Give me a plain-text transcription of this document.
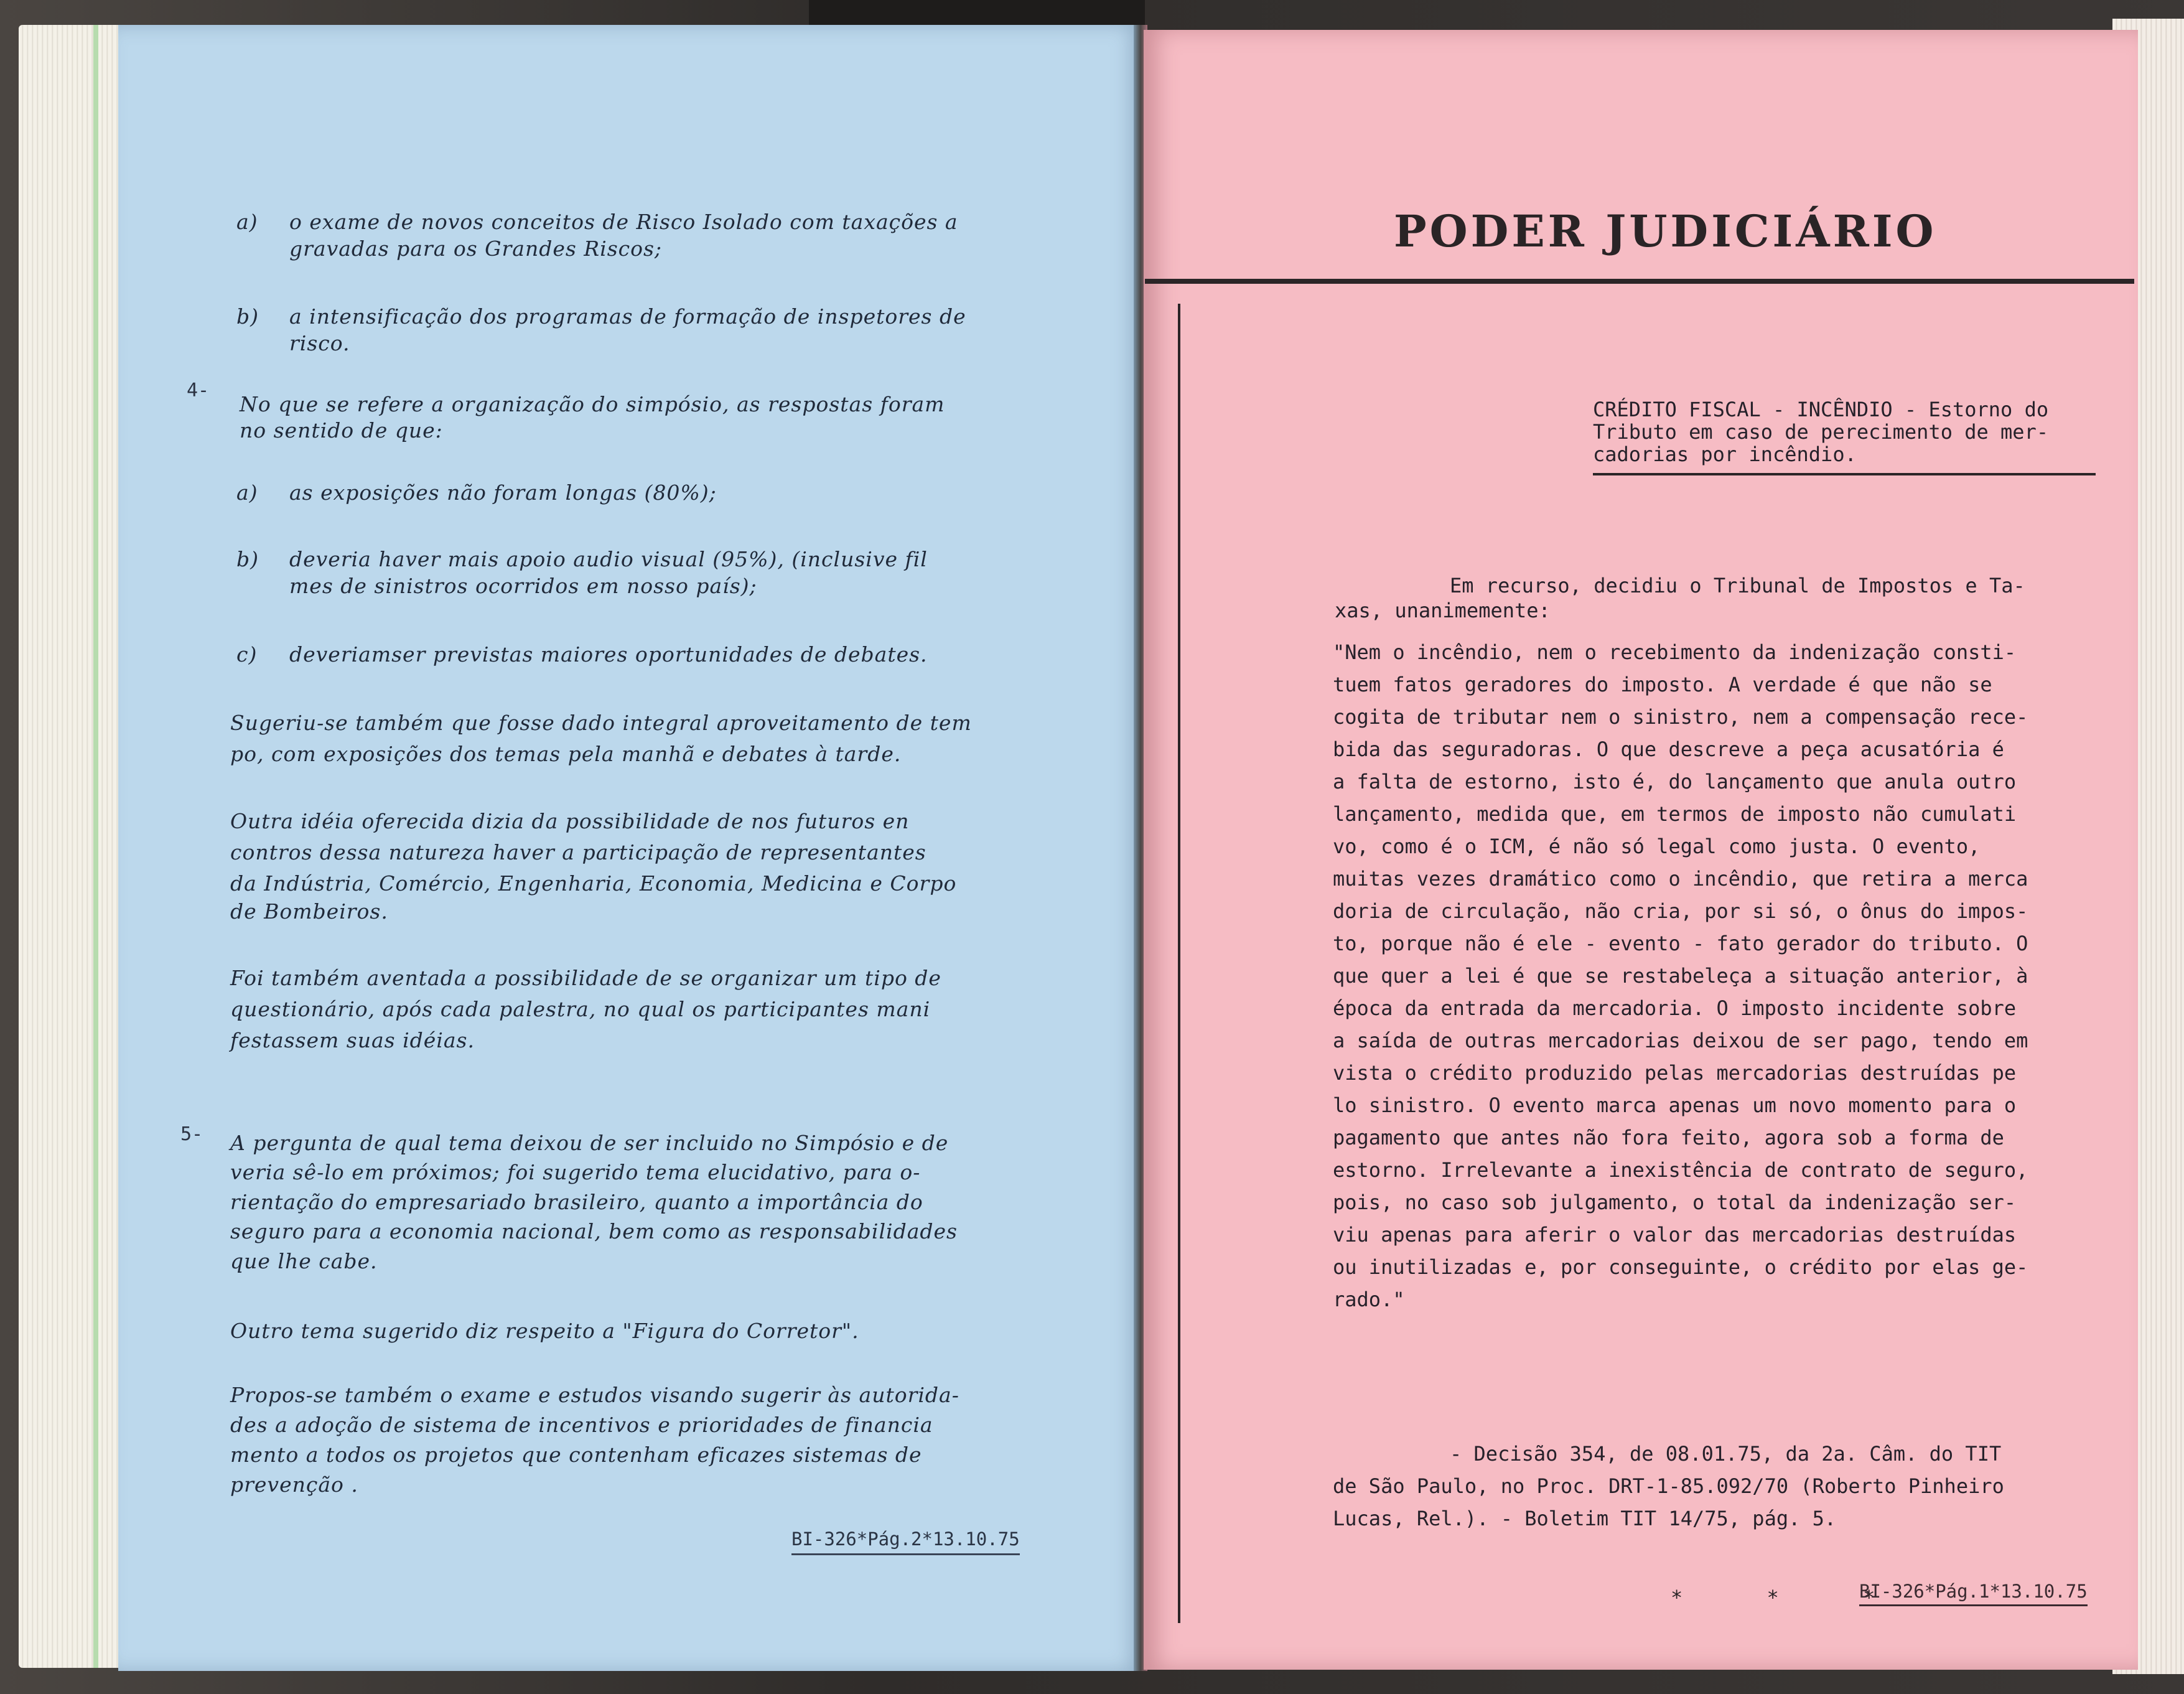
a) o exame de novos conceitos de Risco Isolado com taxações a
gravadas para os Grandes Riscos;
b) a intensificação dos programas de formação de inspetores de
risco.
4-
No que se refere a organização do simpósio, as respostas foram
no sentido de que:
a) as exposições não foram longas (80%);
b) deveria haver mais apoio audio visual (95%), (inclusive fil
mes de sinistros ocorridos em nosso país);
c) deveriamser previstas maiores oportunidades de debates.
Sugeriu-se também que fosse dado integral aproveitamento de tem
po, com exposições dos temas pela manhã e debates à tarde.
Outra idéia oferecida dizia da possibilidade de nos futuros en
contros dessa natureza haver a participação de representantes
da Indústria, Comércio, Engenharia, Economia, Medicina e Corpo
de Bombeiros.
Foi também aventada a possibilidade de se organizar um tipo de
questionário, após cada palestra, no qual os participantes mani
festassem suas idéias.
5- A pergunta de qual tema deixou de ser incluido no Simpósio e de
veria sê-lo em próximos; foi sugerido tema elucidativo, para o-
rientação do empresariado brasileiro, quanto a importância do
seguro para a economia nacional, bem como as responsabilidades
que lhe cabe.
Outro tema sugerido diz respeito a "Figura do Corretor".
Propos-se também o exame e estudos visando sugerir às autorida-
des a adoção de sistema de incentivos e prioridades de financia
mento a todos os projetos que contenham eficazes sistemas de
prevenção .
BI-326*Pág.2*13.10.75
PODER JUDICIÁRIO
CRÉDITO FISCAL - INCÊNDIO - Estorno do
Tributo em caso de perecimento de mer-
cadorias por incêndio.
Em recurso, decidiu o Tribunal de Impostos e Ta-
xas, unanimemente:
"Nem o incêndio, nem o recebimento da indenização consti-
tuem fatos geradores do imposto. A verdade é que não se
cogita de tributar nem o sinistro, nem a compensação rece-
bida das seguradoras. O que descreve a peça acusatória é
a falta de estorno, isto é, do lançamento que anula outro
lançamento, medida que, em termos de imposto não cumulati
vo, como é o ICM, é não só legal como justa. O evento,
muitas vezes dramático como o incêndio, que retira a merca
doria de circulação, não cria, por si só, o ônus do impos-
to, porque não é ele - evento - fato gerador do tributo. O
que quer a lei é que se restabeleça a situação anterior, à
época da entrada da mercadoria. O imposto incidente sobre
a saída de outras mercadorias deixou de ser pago, tendo em
vista o crédito produzido pelas mercadorias destruídas pe
lo sinistro. O evento marca apenas um novo momento para o
pagamento que antes não fora feito, agora sob a forma de
estorno. Irrelevante a inexistência de contrato de seguro,
pois, no caso sob julgamento, o total da indenização ser-
viu apenas para aferir o valor das mercadorias destruídas
ou inutilizadas e, por conseguinte, o crédito por elas ge-
rado."
- Decisão 354, de 08.01.75, da 2a. Câm. do TIT
de São Paulo, no Proc. DRT-1-85.092/70 (Roberto Pinheiro
Lucas, Rel.). - Boletim TIT 14/75, pág. 5.
* * *
BI-326*Pág.1*13.10.75
